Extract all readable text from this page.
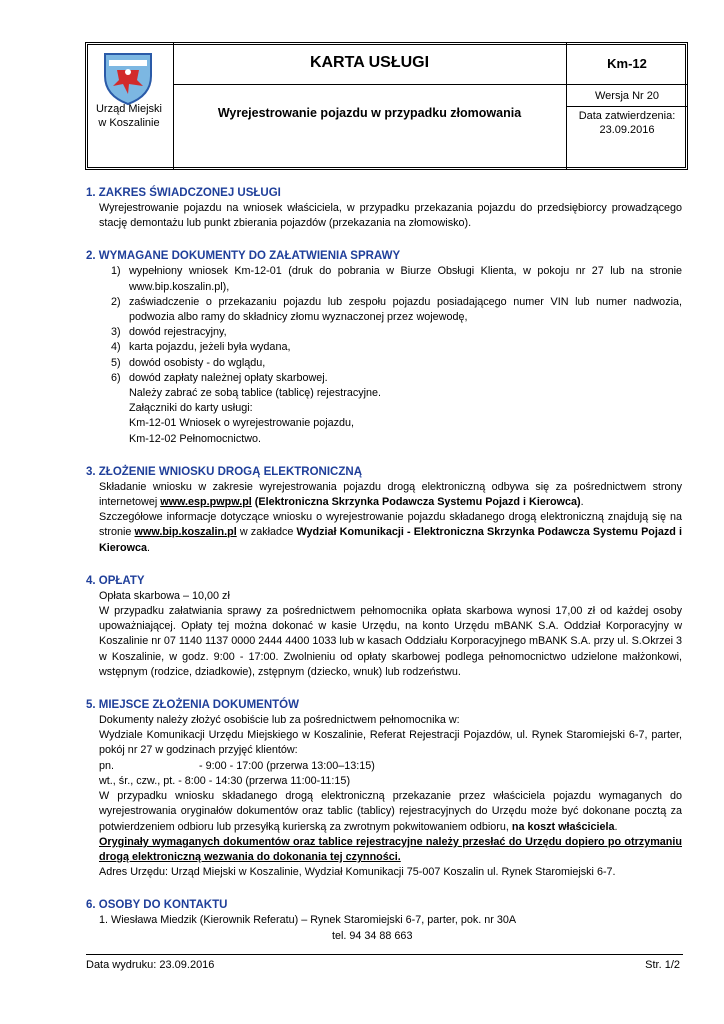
Urząd Miejski
w Koszalinie
KARTA USŁUGI	Km-12
Wyrejestrowanie pojazdu w przypadku złomowania
Wersja Nr 20
Data zatwierdzenia:
23.09.2016

1. ZAKRES ŚWIADCZONEJ USŁUGI

Wyrejestrowanie pojazdu na wniosek właściciela, w przypadku przekazania pojazdu do przedsiębiorcy prowadzącego stację demontażu lub punkt zbierania pojazdów (przekazania na złomowisko).

2. WYMAGANE DOKUMENTY DO ZAŁATWIENIA SPRAWY

1) wypełniony wniosek Km-12-01 (druk do pobrania w Biurze Obsługi Klienta, w pokoju nr 27 lub na stronie www.bip.koszalin.pl),
2) zaświadczenie o przekazaniu pojazdu lub zespołu pojazdu posiadającego numer VIN lub numer nadwozia, podwozia albo ramy do składnicy złomu wyznaczonej przez wojewodę,
3) dowód rejestracyjny,
4) karta pojazdu, jeżeli była wydana,
5) dowód osobisty - do wglądu,
6) dowód zapłaty należnej opłaty skarbowej.
Należy zabrać ze sobą tablice (tablicę) rejestracyjne.
Załączniki do karty usługi:
Km-12-01 Wniosek o wyrejestrowanie pojazdu,
Km-12-02 Pełnomocnictwo.

3. ZŁOŻENIE WNIOSKU DROGĄ ELEKTRONICZNĄ

Składanie wniosku w zakresie wyrejestrowania pojazdu drogą elektroniczną odbywa się za pośrednictwem strony internetowej www.esp.pwpw.pl (Elektroniczna Skrzynka Podawcza Systemu Pojazd i Kierowca).

Szczegółowe informacje dotyczące wniosku o wyrejestrowanie pojazdu składanego drogą elektroniczną znajdują się na stronie www.bip.koszalin.pl w zakładce Wydział Komunikacji - Elektroniczna Skrzynka Podawcza Systemu Pojazd i Kierowca.

4. OPŁATY

Opłata skarbowa – 10,00 zł

W przypadku załatwiania sprawy za pośrednictwem pełnomocnika opłata skarbowa wynosi 17,00 zł od każdej osoby upoważniającej. Opłaty tej można dokonać w kasie Urzędu, na konto Urzędu mBANK S.A. Oddział Korporacyjny w Koszalinie nr 07 1140 1137 0000 2444 4400 1033 lub w kasach Oddziału Korporacyjnego mBANK S.A. przy ul. S.Okrzei 3 w Koszalinie, w godz. 9:00 - 17:00. Zwolnieniu od opłaty skarbowej podlega pełnomocnictwo udzielone małżonkowi, wstępnym (rodzice, dziadkowie), zstępnym (dziecko, wnuk) lub rodzeństwu.

5. MIEJSCE ZŁOŻENIA DOKUMENTÓW

Dokumenty należy złożyć osobiście lub za pośrednictwem pełnomocnika w:

Wydziale Komunikacji Urzędu Miejskiego w Koszalinie, Referat Rejestracji Pojazdów, ul. Rynek Staromiejski 6-7, parter, pokój nr 27 w godzinach przyjęć klientów:

pn.	- 9:00 - 17:00 (przerwa 13:00–13:15)

wt., śr., czw., pt. - 8:00 - 14:30 (przerwa 11:00-11:15)

W przypadku wniosku składanego drogą elektroniczną przekazanie przez właściciela pojazdu wymaganych do wyrejestrowania oryginałów dokumentów oraz tablic (tablicy) rejestracyjnych do Urzędu może być dokonane pocztą za potwierdzeniem odbioru lub przesyłką kurierską za zwrotnym pokwitowaniem odbioru, na koszt właściciela.

Oryginały wymaganych dokumentów oraz tablice rejestracyjne należy przesłać do Urzędu dopiero po otrzymaniu drogą elektroniczną wezwania do dokonania tej czynności.

Adres Urzędu: Urząd Miejski w Koszalinie, Wydział Komunikacji 75-007 Koszalin ul. Rynek Staromiejski 6-7.

6. OSOBY DO KONTAKTU

1. Wiesława Miedzik (Kierownik Referatu) – Rynek Staromiejski 6-7, parter, pok. nr 30A

tel. 94 34 88 663

Data wydruku: 23.09.2016	Str. 1/2
